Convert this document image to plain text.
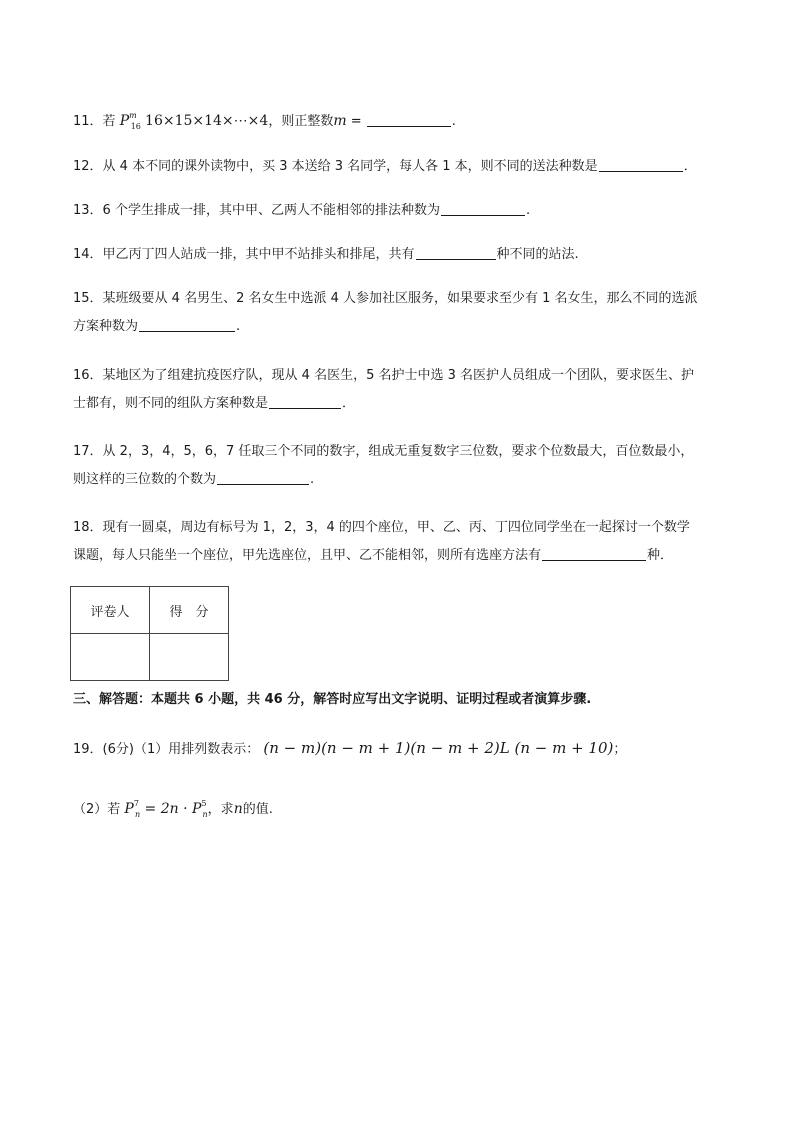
11．若 $P^m_{16}$ 16×15×14×⋯×4，则正整数m =	.
12．从 4 本不同的课外读物中，买 3 本送给 3 名同学，每人各 1 本，则不同的送法种数是	．
13．6 个学生排成一排，其中甲、乙两人不能相邻的排法种数为	.
14．甲乙丙丁四人站成一排，其中甲不站排头和排尾，共有	种不同的站法.
15．某班级要从 4 名男生、2 名女生中选派 4 人参加社区服务，如果要求至少有 1 名女生，那么不同的选派
方案种数为	.
16．某地区为了组建抗疫医疗队，现从 4 名医生，5 名护士中选 3 名医护人员组成一个团队，要求医生、护
士都有，则不同的组队方案种数是	．
17．从 2，3，4，5，6，7 任取三个不同的数字，组成无重复数字三位数，要求个位数最大，百位数最小，
则这样的三位数的个数为	.
18．现有一圆桌，周边有标号为 1，2，3，4 的四个座位，甲、乙、丙、丁四位同学坐在一起探讨一个数学
课题，每人只能坐一个座位，甲先选座位，且甲、乙不能相邻，则所有选座方法有	种．
评卷人	得　分

三、解答题：本题共 6 小题，共 46 分，解答时应写出文字说明、证明过程或者演算步骤.
19．(6分)（1）用排列数表示： (n − m)(n − m + 1)(n − m + 2)L (n − m + 10)；
（2）若 $P^7_n = 2n \cdot P^5_n$，求n的值.
